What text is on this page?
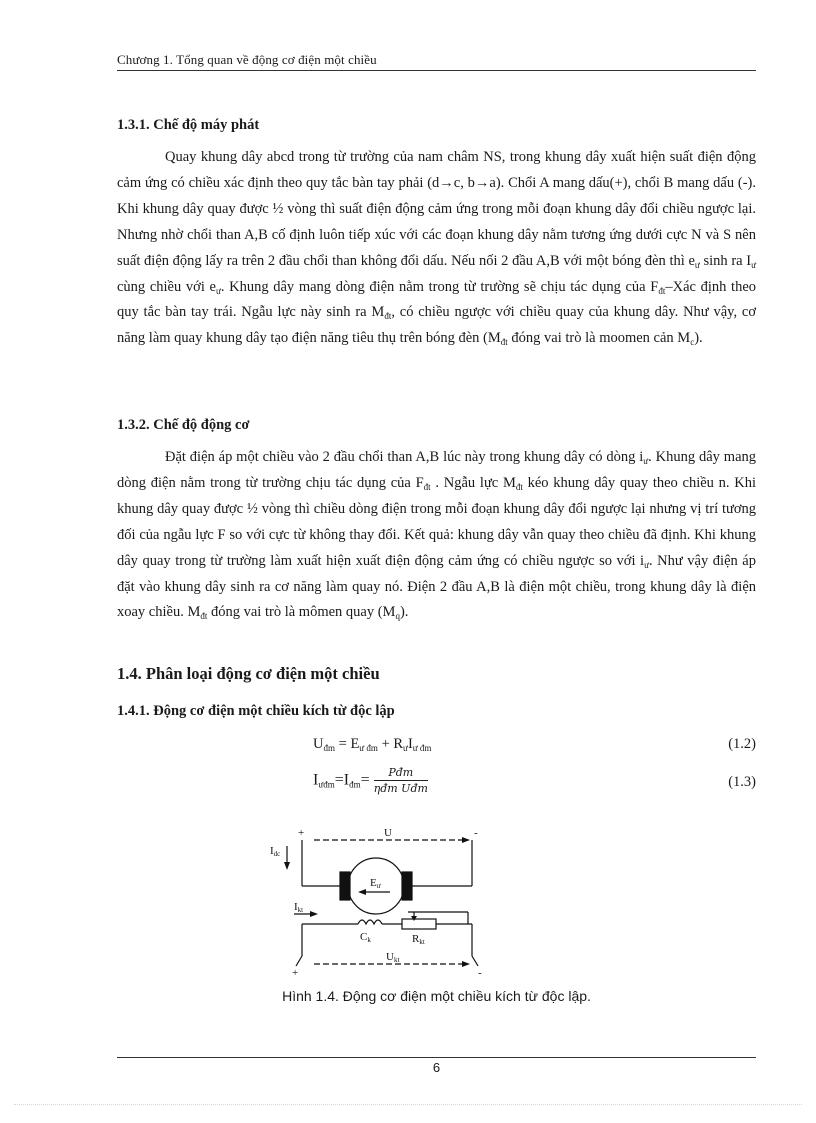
Chương 1. Tổng quan về động cơ điện một chiều
1.3.1. Chế độ máy phát
Quay khung dây abcd trong từ trường của nam châm NS, trong khung dây xuất hiện suất điện động cảm ứng có chiều xác định theo quy tắc bàn tay phải (d→c, b→a). Chổi A mang dấu(+), chổi B mang dấu (-). Khi khung dây quay được ½ vòng thì suất điện động cảm ứng trong mỗi đoạn khung dây đổi chiều ngược lại. Nhưng nhờ chổi than A,B cố định luôn tiếp xúc với các đoạn khung dây nằm tương ứng dưới cực N và S nên suất điện động lấy ra trên 2 đầu chổi than không đổi dấu. Nếu nối 2 đầu A,B với một bóng đèn thì $e_ư$ sinh ra $I_ư$ cùng chiều với $e_ư$. Khung dây mang dòng điện nằm trong từ trường sẽ chịu tác dụng của $F_{đt}$–Xác định theo quy tắc bàn tay trái. Ngẫu lực này sinh ra $M_{đt}$, có chiều ngược với chiều quay của khung dây. Như vậy, cơ năng làm quay khung dây tạo điện năng tiêu thụ trên bóng đèn ($M_{đt}$ đóng vai trò là moomen cản $M_c$).
1.3.2. Chế độ động cơ
Đặt điện áp một chiều vào 2 đầu chổi than A,B lúc này trong khung dây có dòng $i_ư$. Khung dây mang dòng điện nằm trong từ trường chịu tác dụng của $F_{đt}$ . Ngẫu lực $M_{đt}$ kéo khung dây quay theo chiều n. Khi khung dây quay được ½ vòng thì chiều dòng điện trong mỗi đoạn khung dây đổi ngược lại nhưng vị trí tương đối của ngẫu lực F so với cực từ không thay đổi. Kết quả: khung dây vẫn quay theo chiều đã định. Khi khung dây quay trong từ trường làm xuất hiện xuất điện động cảm ứng có chiều ngược so với $i_ư$. Như vậy điện áp đặt vào khung dây sinh ra cơ năng làm quay nó. Điện 2 đầu A,B là điện một chiều, trong khung dây là điện xoay chiều. $M_{đt}$ đóng vai trò là mômen quay $(M_q)$.
1.4. Phân loại động cơ điện một chiều
1.4.1. Động cơ điện một chiều kích từ độc lập
$U_{đm} = E_{ư đm} + R_ưI_{ư đm}$	(1.2)
$I_{ưđm}=I_{đm}= \frac{\text{Pđm}}{\text{ηđm Uđm}}$	(1.3)
Idc
+	-
U
Eư
Ikt
Ck	Rkt
Ukt
+	-
Hình 1.4. Động cơ điện một chiều kích từ độc lập.
6
